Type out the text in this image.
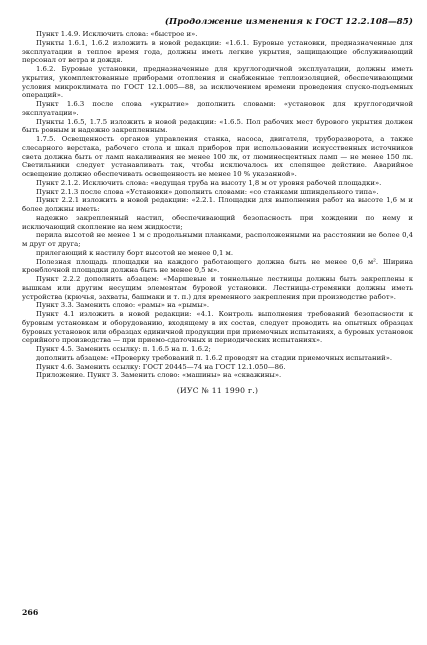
(Продолжение изменения к ГОСТ 12.2.108—85)

Пункт 1.4.9. Исключить слова: «быстрое и».

Пункты 1.6.1, 1.6.2 изложить в новой редакции: «1.6.1. Буровые установки, предназначенные для эксплуатации в теплое время года, должны иметь легкие укрытия, защищающие обслуживающий персонал от ветра и дождя.

1.6.2. Буровые установки, предназначенные для круглогодичной эксплуатации, должны иметь укрытия, укомплектованные приборами отопления и снабженные теплоизоляцией, обеспечивающими условия микроклимата по ГОСТ 12.1.005—88, за исключением времени проведения спуско-подъемных операций».

Пункт 1.6.3 после слова «укрытие» дополнить словами: «установок для круглогодичной эксплуатации».

Пункты 1.6.5, 1.7.5 изложить в новой редакции: «1.6.5. Пол рабочих мест бурового укрытия должен быть ровным и надежно закрепленным.

1.7.5. Освещенность органов управления станка, насоса, двигателя, труборазворота, а также слесарного верстака, рабочего стола и шкал приборов при использовании искусственных источников света должна быть от ламп накаливания не менее 100 лк, от люминесцентных ламп — не менее 150 лк. Светильники следует устанавливать так, чтобы исключалось их слепящее действие. Аварийное освещение должно обеспечивать освещенность не менее 10 % указанной».

Пункт 2.1.2. Исключить слова: «ведущая труба на высоту 1,8 м от уровня рабочей площадки».

Пункт 2.1.3 после слова «Установки» дополнить словами: «со станками шпиндельного типа».

Пункт 2.2.1 изложить в новой редакции: «2.2.1. Площадки для выполнения работ на высоте 1,6 м и более должны иметь:

надежно закрепленный настил, обеспечивающий безопасность при хождении по нему и исключающий скопление на нем жидкости;

перила высотой не менее 1 м с продольными планками, расположенными на расстоянии не более 0,4 м друг от друга;

прилегающий к настилу борт высотой не менее 0,1 м.

Полезная площадь площадки на каждого работающего должна быть не менее 0,6 м². Ширина кронблочной площадки должна быть не менее 0,5 м».

Пункт 2.2.2 дополнить абзацем: «Маршевые и тоннельные лестницы должны быть закреплены к вышкам или другим несущим элементам буровой установки. Лестницы-стремянки должны иметь устройства (крючья, захваты, башмаки и т. п.) для временного закрепления при производстве работ».

Пункт 3.3. Заменить слово: «рамы» на «рымы».

Пункт 4.1 изложить в новой редакции: «4.1. Контроль выполнения требований безопасности к буровым установкам и оборудованию, входящему в их состав, следует проводить на опытных образцах буровых установок или образцах единичной продукции при приемочных испытаниях, а буровых установок серийного производства — при приемо-сдаточных и периодических испытаниях».

Пункт 4.5. Заменить ссылку: п. 1.6.5 на п. 1.6.2;

дополнить абзацем: «Проверку требований п. 1.6.2 проводят на стадии приемочных испытаний».

Пункт 4.6. Заменить ссылку: ГОСТ 20445—74 на ГОСТ 12.1.050—86.

Приложение. Пункт 3. Заменить слово: «машины» на «скважины».

(ИУС № 11 1990 г.)
266
